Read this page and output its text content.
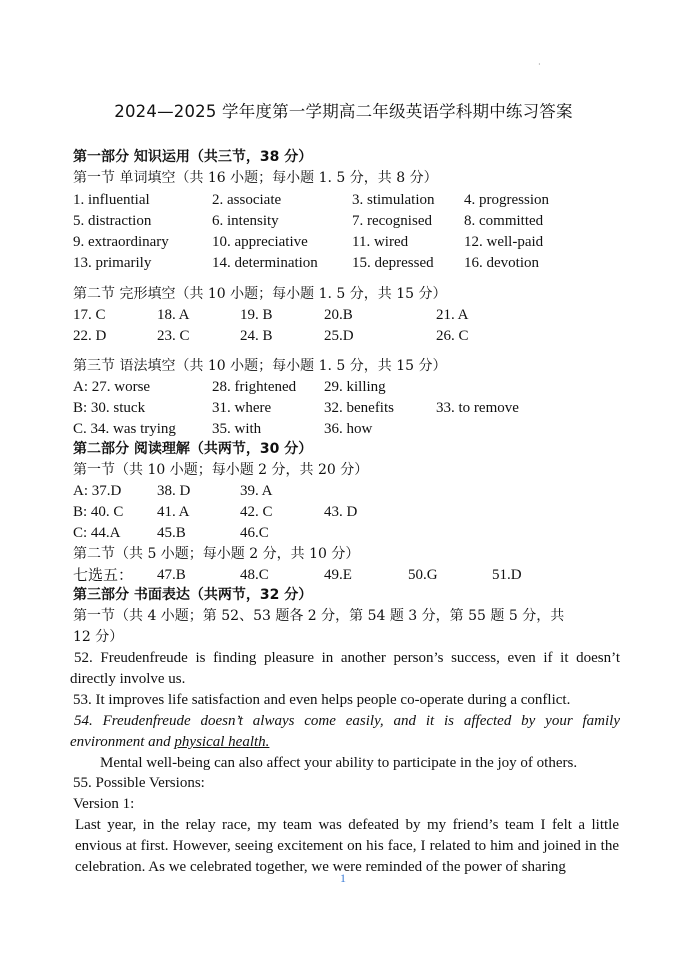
·
2024—2025 学年度第一学期高二年级英语学科期中练习答案
第一部分 知识运用（共三节，38 分）
第一节 单词填空（共 16 小题；每小题 1. 5 分，共 8 分）
1. influential	2. associate	3. stimulation 4. progression
5. distraction	6. intensity	7. recognised 8. committed
9. extraordinary	10. appreciative	11. wired	12. well-paid
13. primarily	14. determination 15. depressed 16. devotion
第二节 完形填空（共 10 小题；每小题 1. 5 分，共 15 分）
17. C	18. A	19. B	20.B	21. A
22. D	23. C	24. B	25.D	26. C
第三节 语法填空（共 10 小题；每小题 1. 5 分，共 15 分）
A: 27. worse	28. frightened 29. killing
B: 30. stuck	31. where	32. benefits	33. to remove
C. 34. was trying 35. with	36. how
第二部分 阅读理解（共两节，30 分）
第一节（共 10 小题；每小题 2 分，共 20 分）
A: 37.D 38. D	39. A
B: 40. C 41. A	42. C	43. D
C: 44.A 45.B	46.C
第二节（共 5 小题；每小题 2 分，共 10 分）
七选五： 47.B	48.C	49.E	50.G	51.D
第三部分 书面表达（共两节，32 分）
第一节（共 4 小题；第 52、53 题各 2 分，第 54 题 3 分，第 55 题 5 分，共
12 分）
52. Freudenfreude is finding pleasure in another person’s success, even if it doesn’t directly involve us.
53. It improves life satisfaction and even helps people co-operate during a conflict.
54. Freudenfreude doesn’t always come easily, and it is affected by your family environment and physical health.
Mental well-being can also affect your ability to participate in the joy of others.
55. Possible Versions:
Version 1:
Last year, in the relay race, my team was defeated by my friend’s team I felt a little envious at first. However, seeing excitement on his face, I related to him and joined in the celebration. As we celebrated together, we were reminded of the power of sharing
1
